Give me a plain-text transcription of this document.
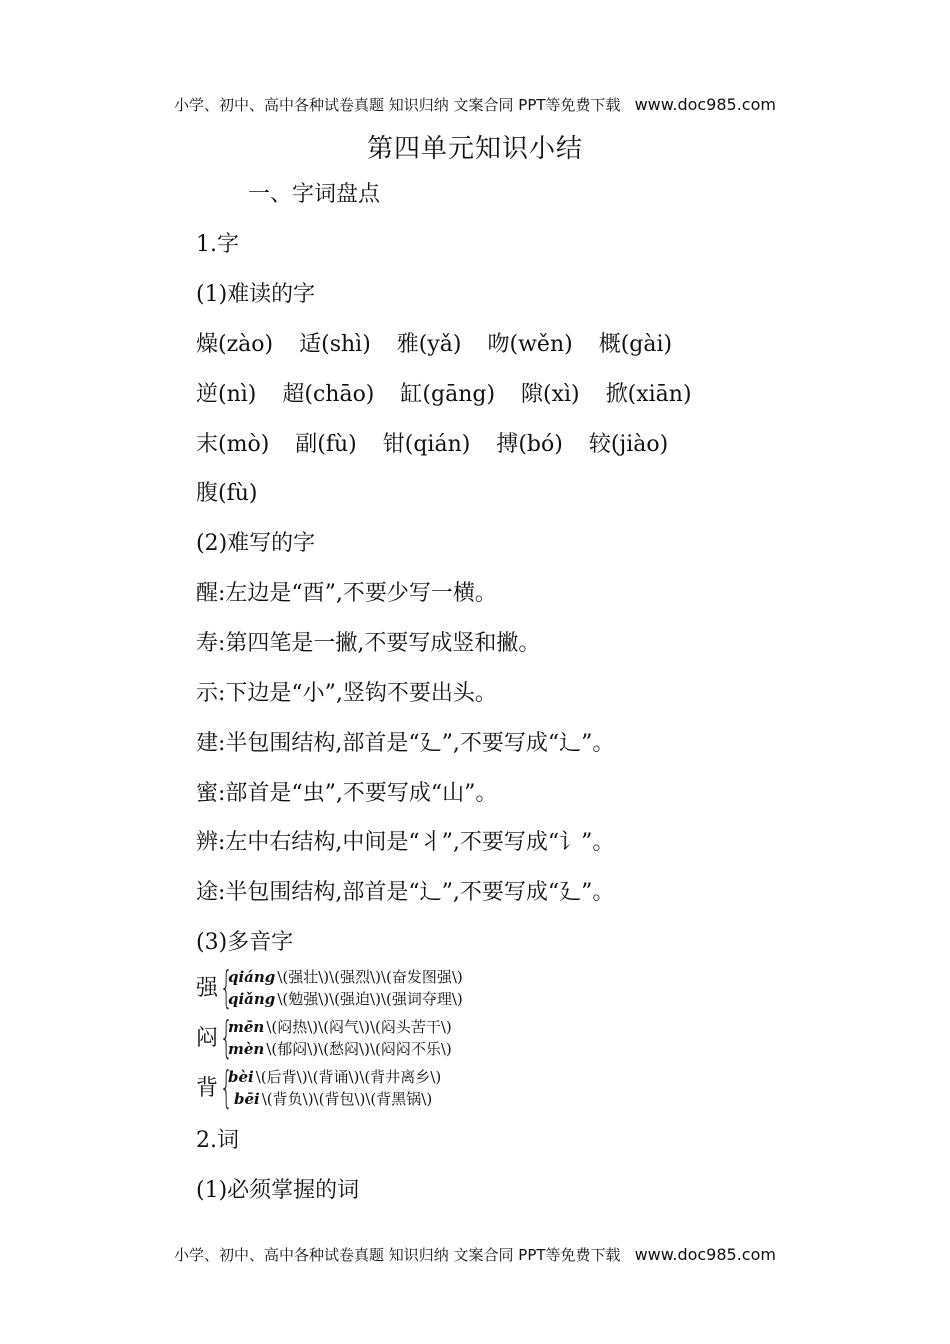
小学、初中、高中各种试卷真题 知识归纳 文案合同 PPT等免费下载 www.doc985.com
第四单元知识小结
一、字词盘点
1.字
(1)难读的字
燥(zào) 适(shì) 雅(yǎ) 吻(wěn) 概(gài)
逆(nì) 超(chāo) 缸(gāng) 隙(xì) 掀(xiān)
末(mò) 副(fù) 钳(qián) 搏(bó) 较(jiào)
腹(fù)
(2)难写的字
醒:左边是“酉”,不要少写一横。
寿:第四笔是一撇,不要写成竖和撇。
示:下边是“小”,竖钩不要出头。
建:半包围结构,部首是“廴”,不要写成“辶”。
蜜:部首是“虫”,不要写成“山”。
辨:左中右结构,中间是“丬”,不要写成“讠”。
途:半包围结构,部首是“辶”,不要写成“廴”。
(3)多音字
强 {
qiáng \(强壮\)\(强烈\)\(奋发图强\)
qiǎng \(勉强\)\(强迫\)\(强词夺理\)
闷 {
mēn \(闷热\)\(闷气\)\(闷头苦干\)
mèn \(郁闷\)\(愁闷\)\(闷闷不乐\)
背 {
bèi \(后背\)\(背诵\)\(背井离乡\)
bēi \(背负\)\(背包\)\(背黑锅\)
2.词
(1)必须掌握的词
小学、初中、高中各种试卷真题 知识归纳 文案合同 PPT等免费下载 www.doc985.com
